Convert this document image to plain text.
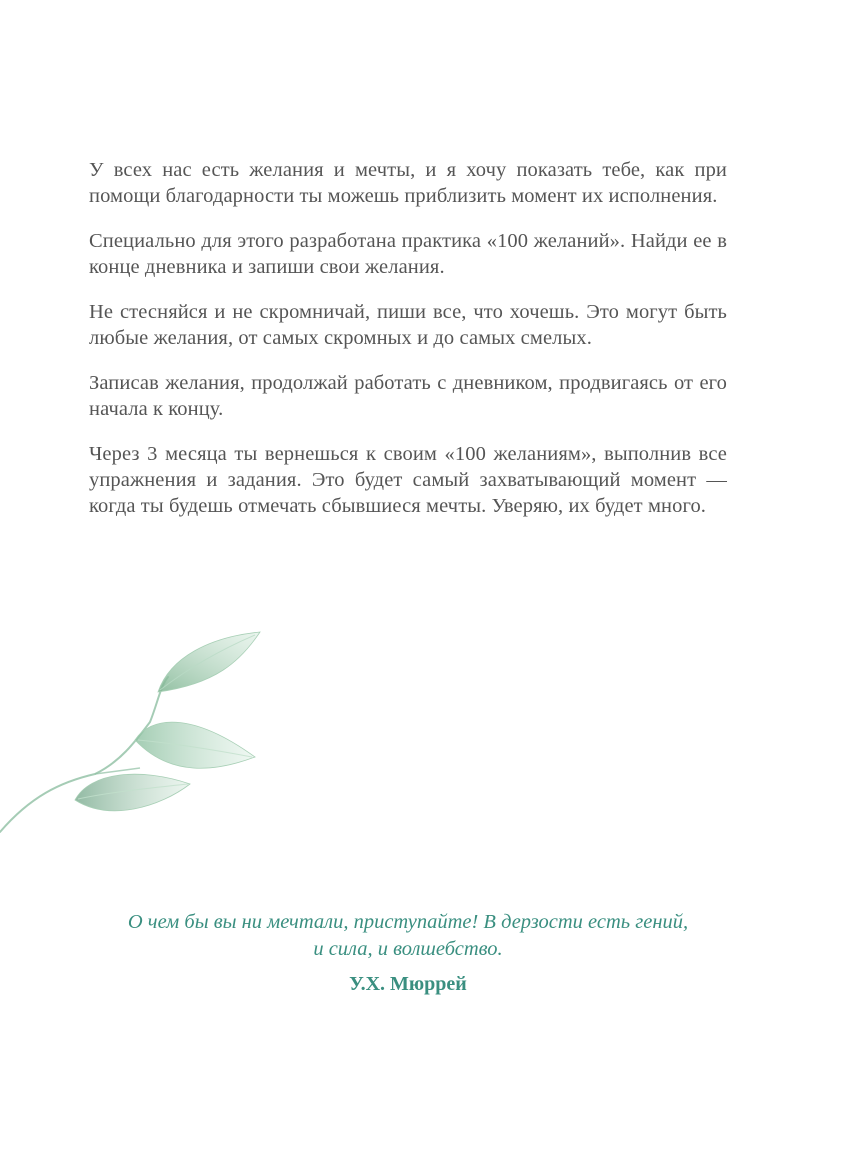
У всех нас есть желания и мечты, и я хочу показать тебе, как при помощи благодарности ты можешь приблизить момент их исполнения.

Специально для этого разработана практика «100 желаний». Найди ее в конце дневника и запиши свои желания.

Не стесняйся и не скромничай, пиши все, что хочешь. Это могут быть любые желания, от самых скромных и до самых смелых.

Записав желания, продолжай работать с дневником, продвигаясь от его начала к концу.

Через 3 месяца ты вернешься к своим «100 желаниям», выполнив все упражнения и задания. Это будет самый захватывающий момент — когда ты будешь отмечать сбывшиеся мечты. Уверяю, их будет много.

О чем бы вы ни мечтали, приступайте! В дерзости есть гений,
и сила, и волшебство.
У.Х. Мюррей
